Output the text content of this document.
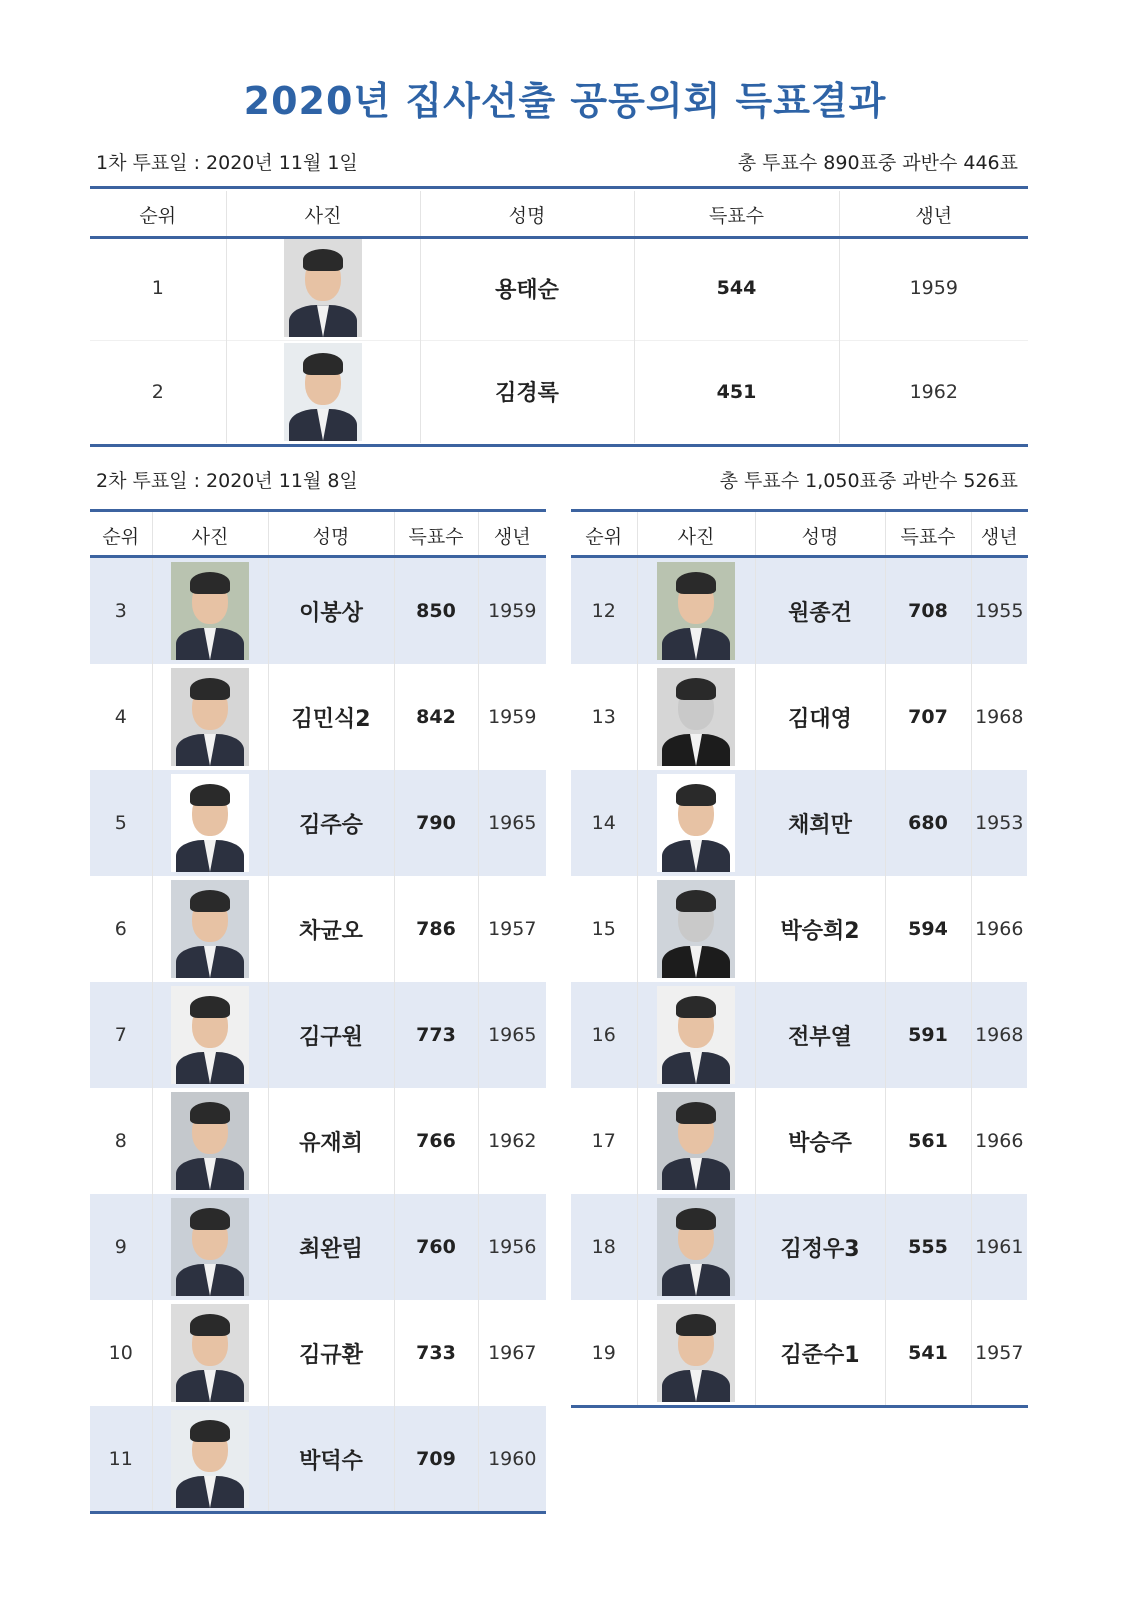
2020년 집사선출 공동의회 득표결과
1차 투표일 : 2020년 11월 1일	총 투표수 890표중 과반수 446표
순위	사진	성명	득표수	생년
1		용태순	544	1959
2		김경록	451	1962
2차 투표일 : 2020년 11월 8일	총 투표수 1,050표중 과반수 526표
순위	사진	성명	득표수	생년
3		이봉상	850	1959
4		김민식2	842	1959
5		김주승	790	1965
6		차균오	786	1957
7		김구원	773	1965
8		유재희	766	1962
9		최완림	760	1956
10		김규환	733	1967
11		박덕수	709	1960
순위	사진	성명	득표수	생년
12		원종건	708	1955
13		김대영	707	1968
14		채희만	680	1953
15		박승희2	594	1966
16		전부열	591	1968
17		박승주	561	1966
18		김정우3	555	1961
19		김준수1	541	1957
